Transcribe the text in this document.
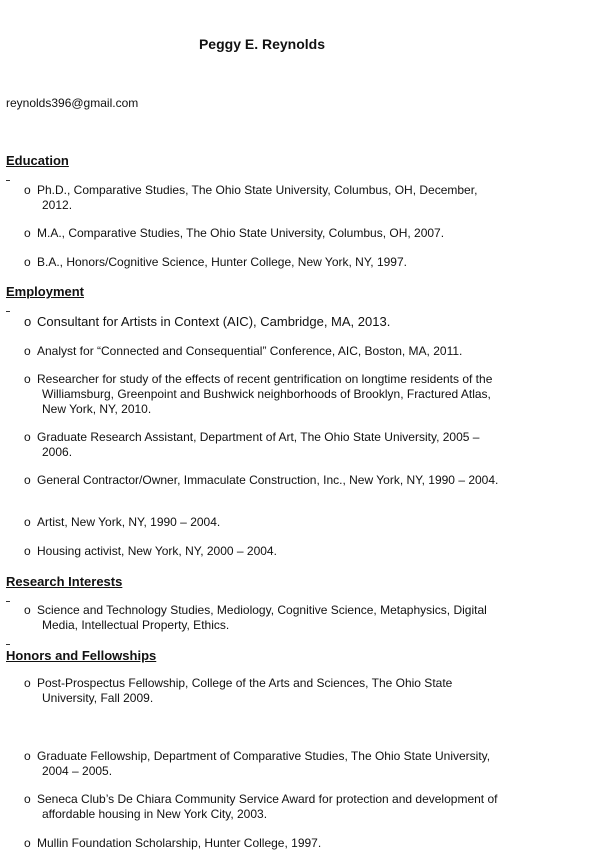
Peggy E. Reynolds
reynolds396@gmail.com
Education
o Ph.D., Comparative Studies, The Ohio State University, Columbus, OH, December, 2012.
o M.A., Comparative Studies, The Ohio State University, Columbus, OH, 2007.
o B.A., Honors/Cognitive Science, Hunter College, New York, NY, 1997.
Employment
o Consultant for Artists in Context (AIC), Cambridge, MA, 2013.
o Analyst for “Connected and Consequential” Conference, AIC, Boston, MA, 2011.
o Researcher for study of the effects of recent gentrification on longtime residents of the Williamsburg, Greenpoint and Bushwick neighborhoods of Brooklyn, Fractured Atlas, New York, NY, 2010.
o Graduate Research Assistant, Department of Art, The Ohio State University, 2005 – 2006.
o General Contractor/Owner, Immaculate Construction, Inc., New York, NY, 1990 – 2004.
o Artist, New York, NY, 1990 – 2004.
o Housing activist, New York, NY, 2000 – 2004.
Research Interests
o Science and Technology Studies, Mediology, Cognitive Science, Metaphysics, Digital Media, Intellectual Property, Ethics.
Honors and Fellowships
o Post-Prospectus Fellowship, College of the Arts and Sciences, The Ohio State University, Fall 2009.
o Graduate Fellowship, Department of Comparative Studies, The Ohio State University, 2004 – 2005.
o Seneca Club’s De Chiara Community Service Award for protection and development of affordable housing in New York City, 2003.
o Mullin Foundation Scholarship, Hunter College, 1997.
